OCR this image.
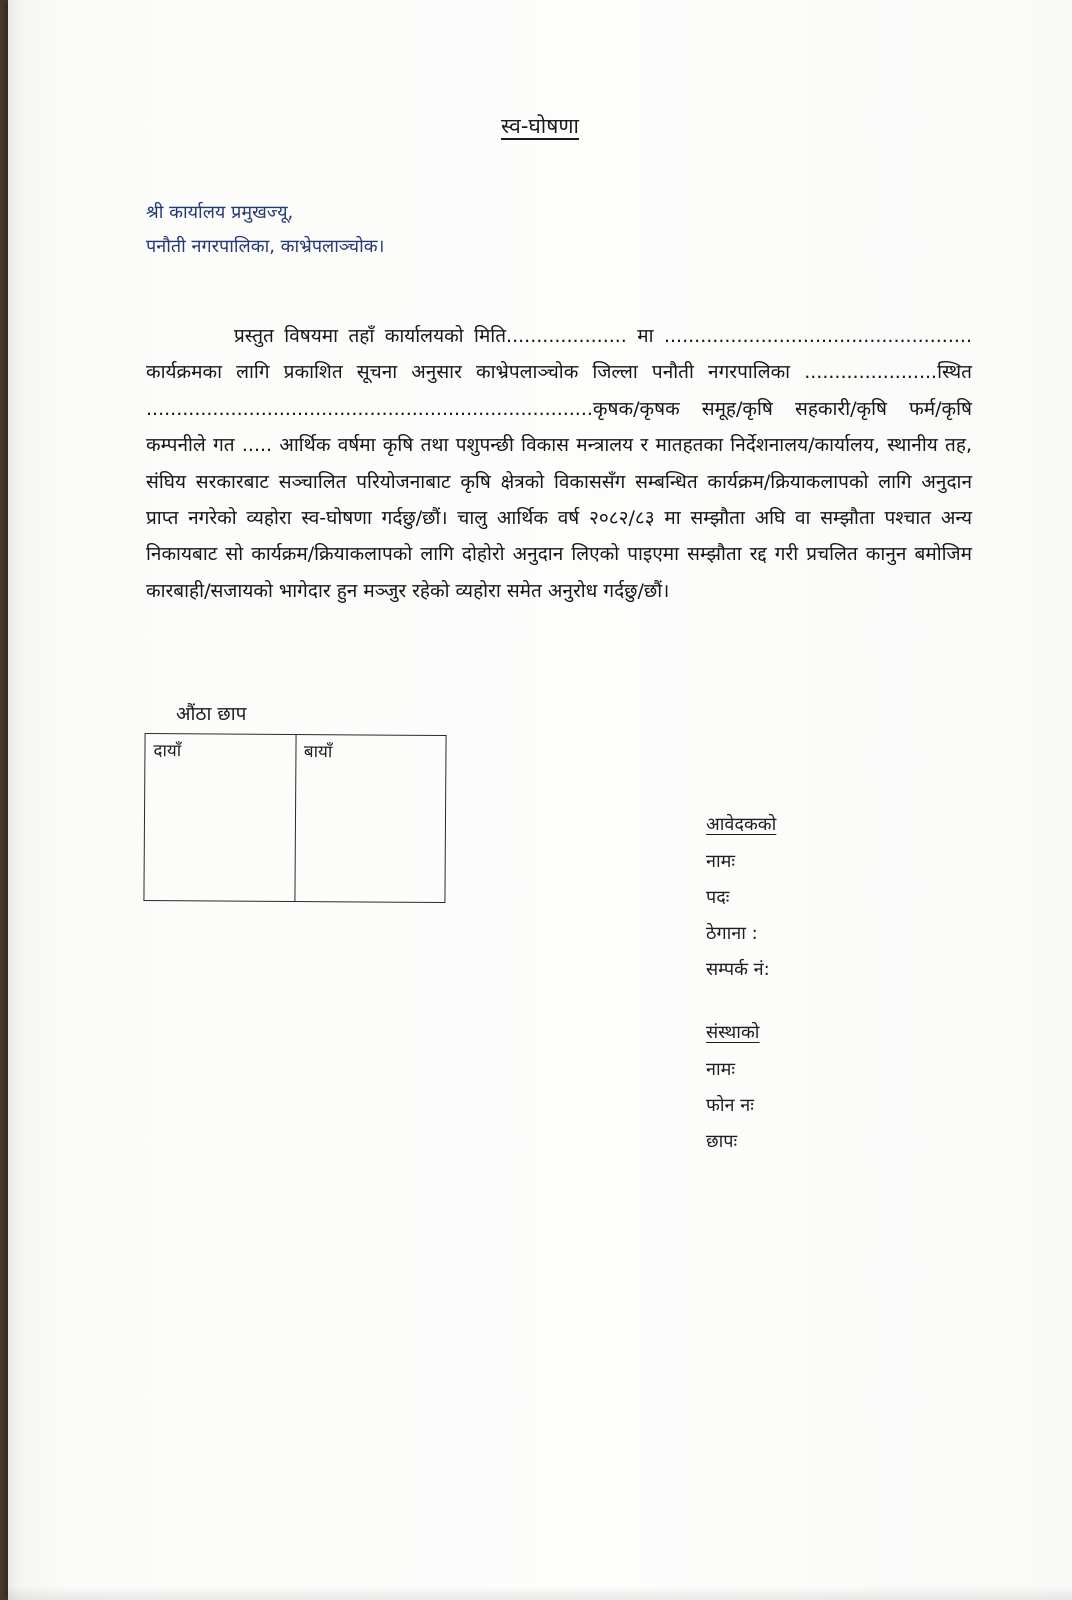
स्व-घोषणा
श्री कार्यालय प्रमुखज्यू,
पनौती नगरपालिका, काभ्रेपलाञ्चोक।
प्रस्तुत विषयमा तहाँ कार्यालयको मिति.................... मा ................................................... कार्यक्रमका लागि प्रकाशित सूचना अनुसार काभ्रेपलाञ्चोक जिल्ला पनौती नगरपालिका ......................स्थित ..........................................................................कृषक/कृषक समूह/कृषि सहकारी/कृषि फर्म/कृषि कम्पनीले गत ..... आर्थिक वर्षमा कृषि तथा पशुपन्छी विकास मन्त्रालय र मातहतका निर्देशनालय/कार्यालय, स्थानीय तह, संघिय सरकारबाट सञ्चालित परियोजनाबाट कृषि क्षेत्रको विकाससँग सम्बन्धित कार्यक्रम/क्रियाकलापको लागि अनुदान प्राप्त नगरेको व्यहोरा स्व-घोषणा गर्दछु/छौं। चालु आर्थिक वर्ष २०८२/८३ मा सम्झौता अघि वा सम्झौता पश्चात अन्य निकायबाट सो कार्यक्रम/क्रियाकलापको लागि दोहोरो अनुदान लिएको पाइएमा सम्झौता रद्द गरी प्रचलित कानुन बमोजिम कारबाही/सजायको भागेदार हुन मञ्जुर रहेको व्यहोरा समेत अनुरोध गर्दछु/छौं।
औंठा छाप
दायाँ	बायाँ
आवेदकको
नामः
पदः
ठेगाना :
सम्पर्क नं:
संस्थाको
नामः
फोन नः
छापः
